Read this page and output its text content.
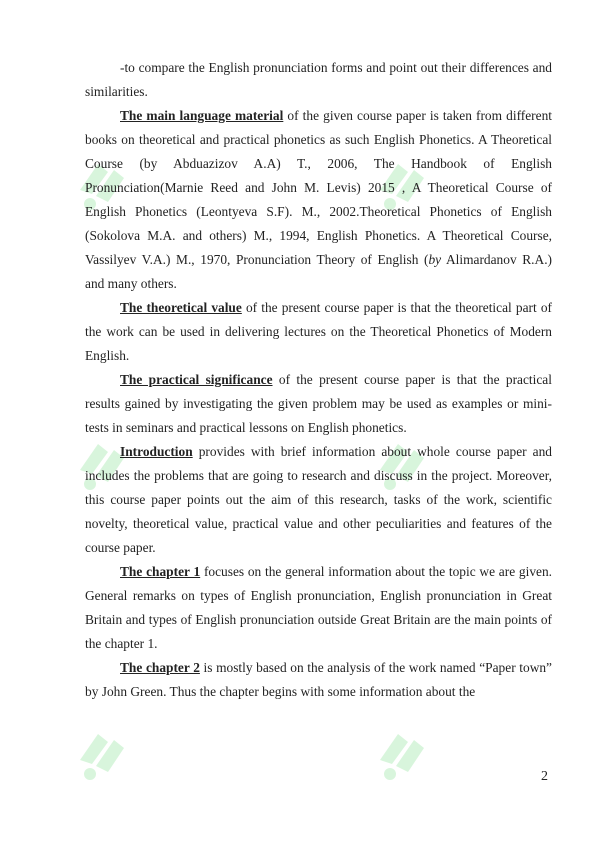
-to compare the English pronunciation forms and point out their differences and similarities.

The main language material of the given course paper is taken from different books on theoretical and practical phonetics as such English Phonetics. A Theoretical Course (by Abduazizov A.A) T., 2006, The Handbook of English Pronunciation(Marnie Reed and John M. Levis) 2015 , A Theoretical Course of English Phonetics (Leontyeva S.F). M., 2002.Theoretical Phonetics of English (Sokolova M.A. and others) M., 1994, English Phonetics. A Theoretical Course, Vassilyev V.A.) M., 1970, Pronunciation Theory of English (by Alimardanov R.A.) and many others.

The theoretical value of the present course paper is that the theoretical part of the work can be used in delivering lectures on the Theoretical Phonetics of Modern English.

The practical significance of the present course paper is that the practical results gained by investigating the given problem may be used as examples or mini-tests in seminars and practical lessons on English phonetics.

Introduction provides with brief information about whole course paper and includes the problems that are going to research and discuss in the project. Moreover, this course paper points out the aim of this research, tasks of the work, scientific novelty, theoretical value, practical value and other peculiarities and features of the course paper.

The chapter 1 focuses on the general information about the topic we are given. General remarks on types of English pronunciation, English pronunciation in Great Britain and types of English pronunciation outside Great Britain are the main points of the chapter 1.

The chapter 2 is mostly based on the analysis of the work named “Paper town” by John Green. Thus the chapter begins with some information about the

2
